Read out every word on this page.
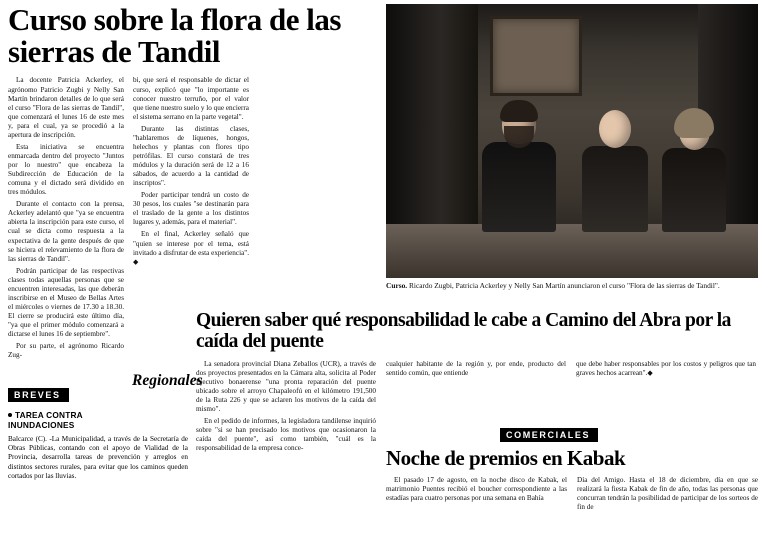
Curso sobre la flora de las sierras de Tandil

La docente Patricia Ackerley, el agrónomo Patricio Zugbi y Nelly San Martín brindaron detalles de lo que será el curso "Flora de las sierras de Tandil", que comenzará el lunes 16 de este mes y, para el cual, ya se procedió a la apertura de inscripción.

Esta iniciativa se encuentra enmarcada dentro del proyecto "Juntos por lo nuestro" que encabeza la Subdirección de Educación de la comuna y el dictado será dividido en tres módulos.

Durante el contacto con la prensa, Ackerley adelantó que "ya se encuentra abierta la inscripción para este curso, el cual se dicta como respuesta a la expectativa de la gente después de que se hiciera el relevamiento de la flora de las sierras de Tandil".

Podrán participar de las respectivas clases todas aquellas personas que se encuentren interesadas, las que deberán inscribirse en el Museo de Bellas Artes el miércoles o viernes de 17.30 a 18.30. El cierre se producirá este último día, "ya que el primer módulo comenzará a dictarse el lunes 16 de septiembre".

Por su parte, el agrónomo Ricardo Zug-

bi, que será el responsable de dictar el curso, explicó que "lo importante es conocer nuestro terruño, por el valor que tiene nuestro suelo y lo que encierra el sistema serrano en la parte vegetal".

Durante las distintas clases, "hablaremos de líquenes, hongos, helechos y plantas con flores tipo petrófilas. El curso constará de tres módulos y la duración será de 12 a 16 sábados, de acuerdo a la cantidad de inscriptos".

Poder participar tendrá un costo de 30 pesos, los cuales "se destinarán para el traslado de la gente a los distintos lugares y, además, para el material".

En el final, Ackerley señaló que "quien se interese por el tema, está invitado a disfrutar de esta experiencia". ◆

Curso. Ricardo Zugbi, Patricia Ackerley y Nelly San Martín anunciaron el curso "Flora de las sierras de Tandil".
Regionales
BREVES
TAREA CONTRA
INUNDACIONES

Balcarce (C). -La Municipalidad, a través de la Secretaría de Obras Públicas, contando con el apoyo de Vialidad de la Provincia, desarrolla tareas de prevención y arreglos en distintos sectores rurales, para evitar que los caminos queden cortados por las lluvias.

Quieren saber qué responsabilidad le cabe a Camino del Abra por la caída del puente

La senadora provincial Diana Zeballos (UCR), a través de dos proyectos presentados en la Cámara alta, solicita al Poder Ejecutivo bonaerense "una pronta reparación del puente ubicado sobre el arroyo Chapaleofú en el kilómetro 191,500 de la Ruta 226 y que se aclaren los motivos de la caída del mismo".

En el pedido de informes, la legisladora tandilense inquirió sobre "si se han precisado los motivos que ocasionaron la caída del puente", así como también, "cuál es la responsabilidad de la empresa conce-

cualquier habitante de la región y, por ende, producto del sentido común, que entiende

que debe haber responsables por los costos y peligros que tan graves hechos acarrean".◆

COMERCIALES
Noche de premios en Kabak

El pasado 17 de agosto, en la noche disco de Kabak, el matrimonio Puentes recibió el boucher correspondiente a las estadías para cuatro personas por una semana en Bahía

Día del Amigo. Hasta el 18 de diciembre, día en que se realizará la fiesta Kabak de fin de año, todas las personas que concurran tendrán la posibilidad de participar de los sorteos de fin de
